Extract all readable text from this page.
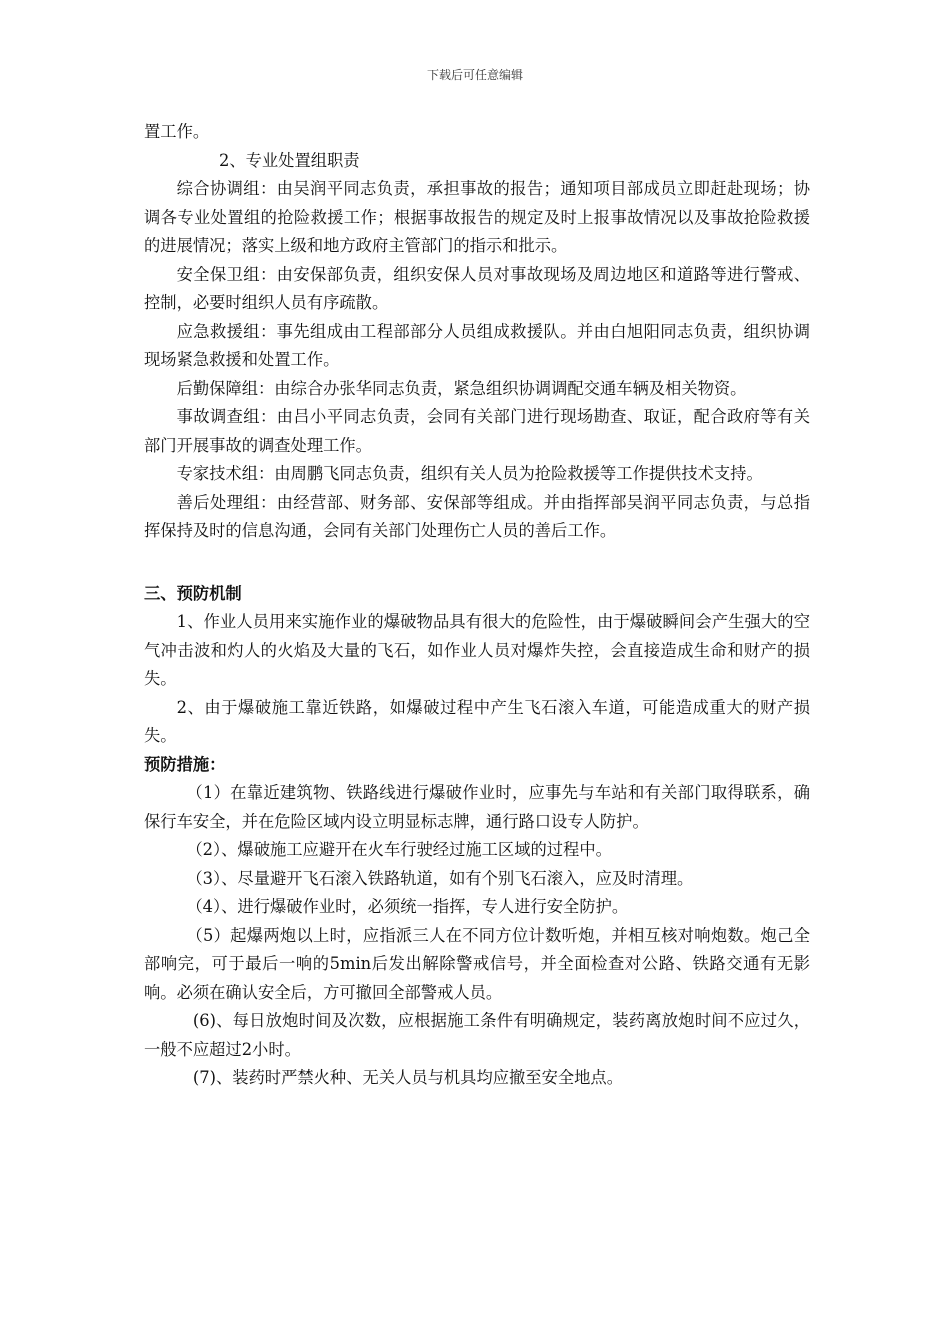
下载后可任意编辑

置工作。

2、专业处置组职责

综合协调组：由吴润平同志负责，承担事故的报告；通知项目部成员立即赶赴现场；协调各专业处置组的抢险救援工作；根据事故报告的规定及时上报事故情况以及事故抢险救援的进展情况；落实上级和地方政府主管部门的指示和批示。

安全保卫组：由安保部负责，组织安保人员对事故现场及周边地区和道路等进行警戒、控制，必要时组织人员有序疏散。

应急救援组：事先组成由工程部部分人员组成救援队。并由白旭阳同志负责，组织协调现场紧急救援和处置工作。

后勤保障组：由综合办张华同志负责，紧急组织协调调配交通车辆及相关物资。

事故调查组：由吕小平同志负责，会同有关部门进行现场勘查、取证，配合政府等有关部门开展事故的调查处理工作。

专家技术组：由周鹏飞同志负责，组织有关人员为抢险救援等工作提供技术支持。

善后处理组：由经营部、财务部、安保部等组成。并由指挥部吴润平同志负责，与总指挥保持及时的信息沟通，会同有关部门处理伤亡人员的善后工作。

三、预防机制

1、作业人员用来实施作业的爆破物品具有很大的危险性，由于爆破瞬间会产生强大的空气冲击波和灼人的火焰及大量的飞石，如作业人员对爆炸失控，会直接造成生命和财产的损失。

2、由于爆破施工靠近铁路，如爆破过程中产生飞石滚入车道，可能造成重大的财产损失。

预防措施：

（1）在靠近建筑物、铁路线进行爆破作业时，应事先与车站和有关部门取得联系，确保行车安全，并在危险区域内设立明显标志牌，通行路口设专人防护。

（2）、爆破施工应避开在火车行驶经过施工区域的过程中。

（3）、尽量避开飞石滚入铁路轨道，如有个别飞石滚入，应及时清理。

（4）、进行爆破作业时，必须统一指挥，专人进行安全防护。

（5）起爆两炮以上时，应指派三人在不同方位计数听炮，并相互核对响炮数。炮己全部响完，可于最后一响的5min后发出解除警戒信号，并全面检查对公路、铁路交通有无影响。必须在确认安全后，方可撤回全部警戒人员。

(6)、每日放炮时间及次数，应根据施工条件有明确规定，装药离放炮时间不应过久，一般不应超过2小时。

(7)、装药时严禁火种、无关人员与机具均应撤至安全地点。
